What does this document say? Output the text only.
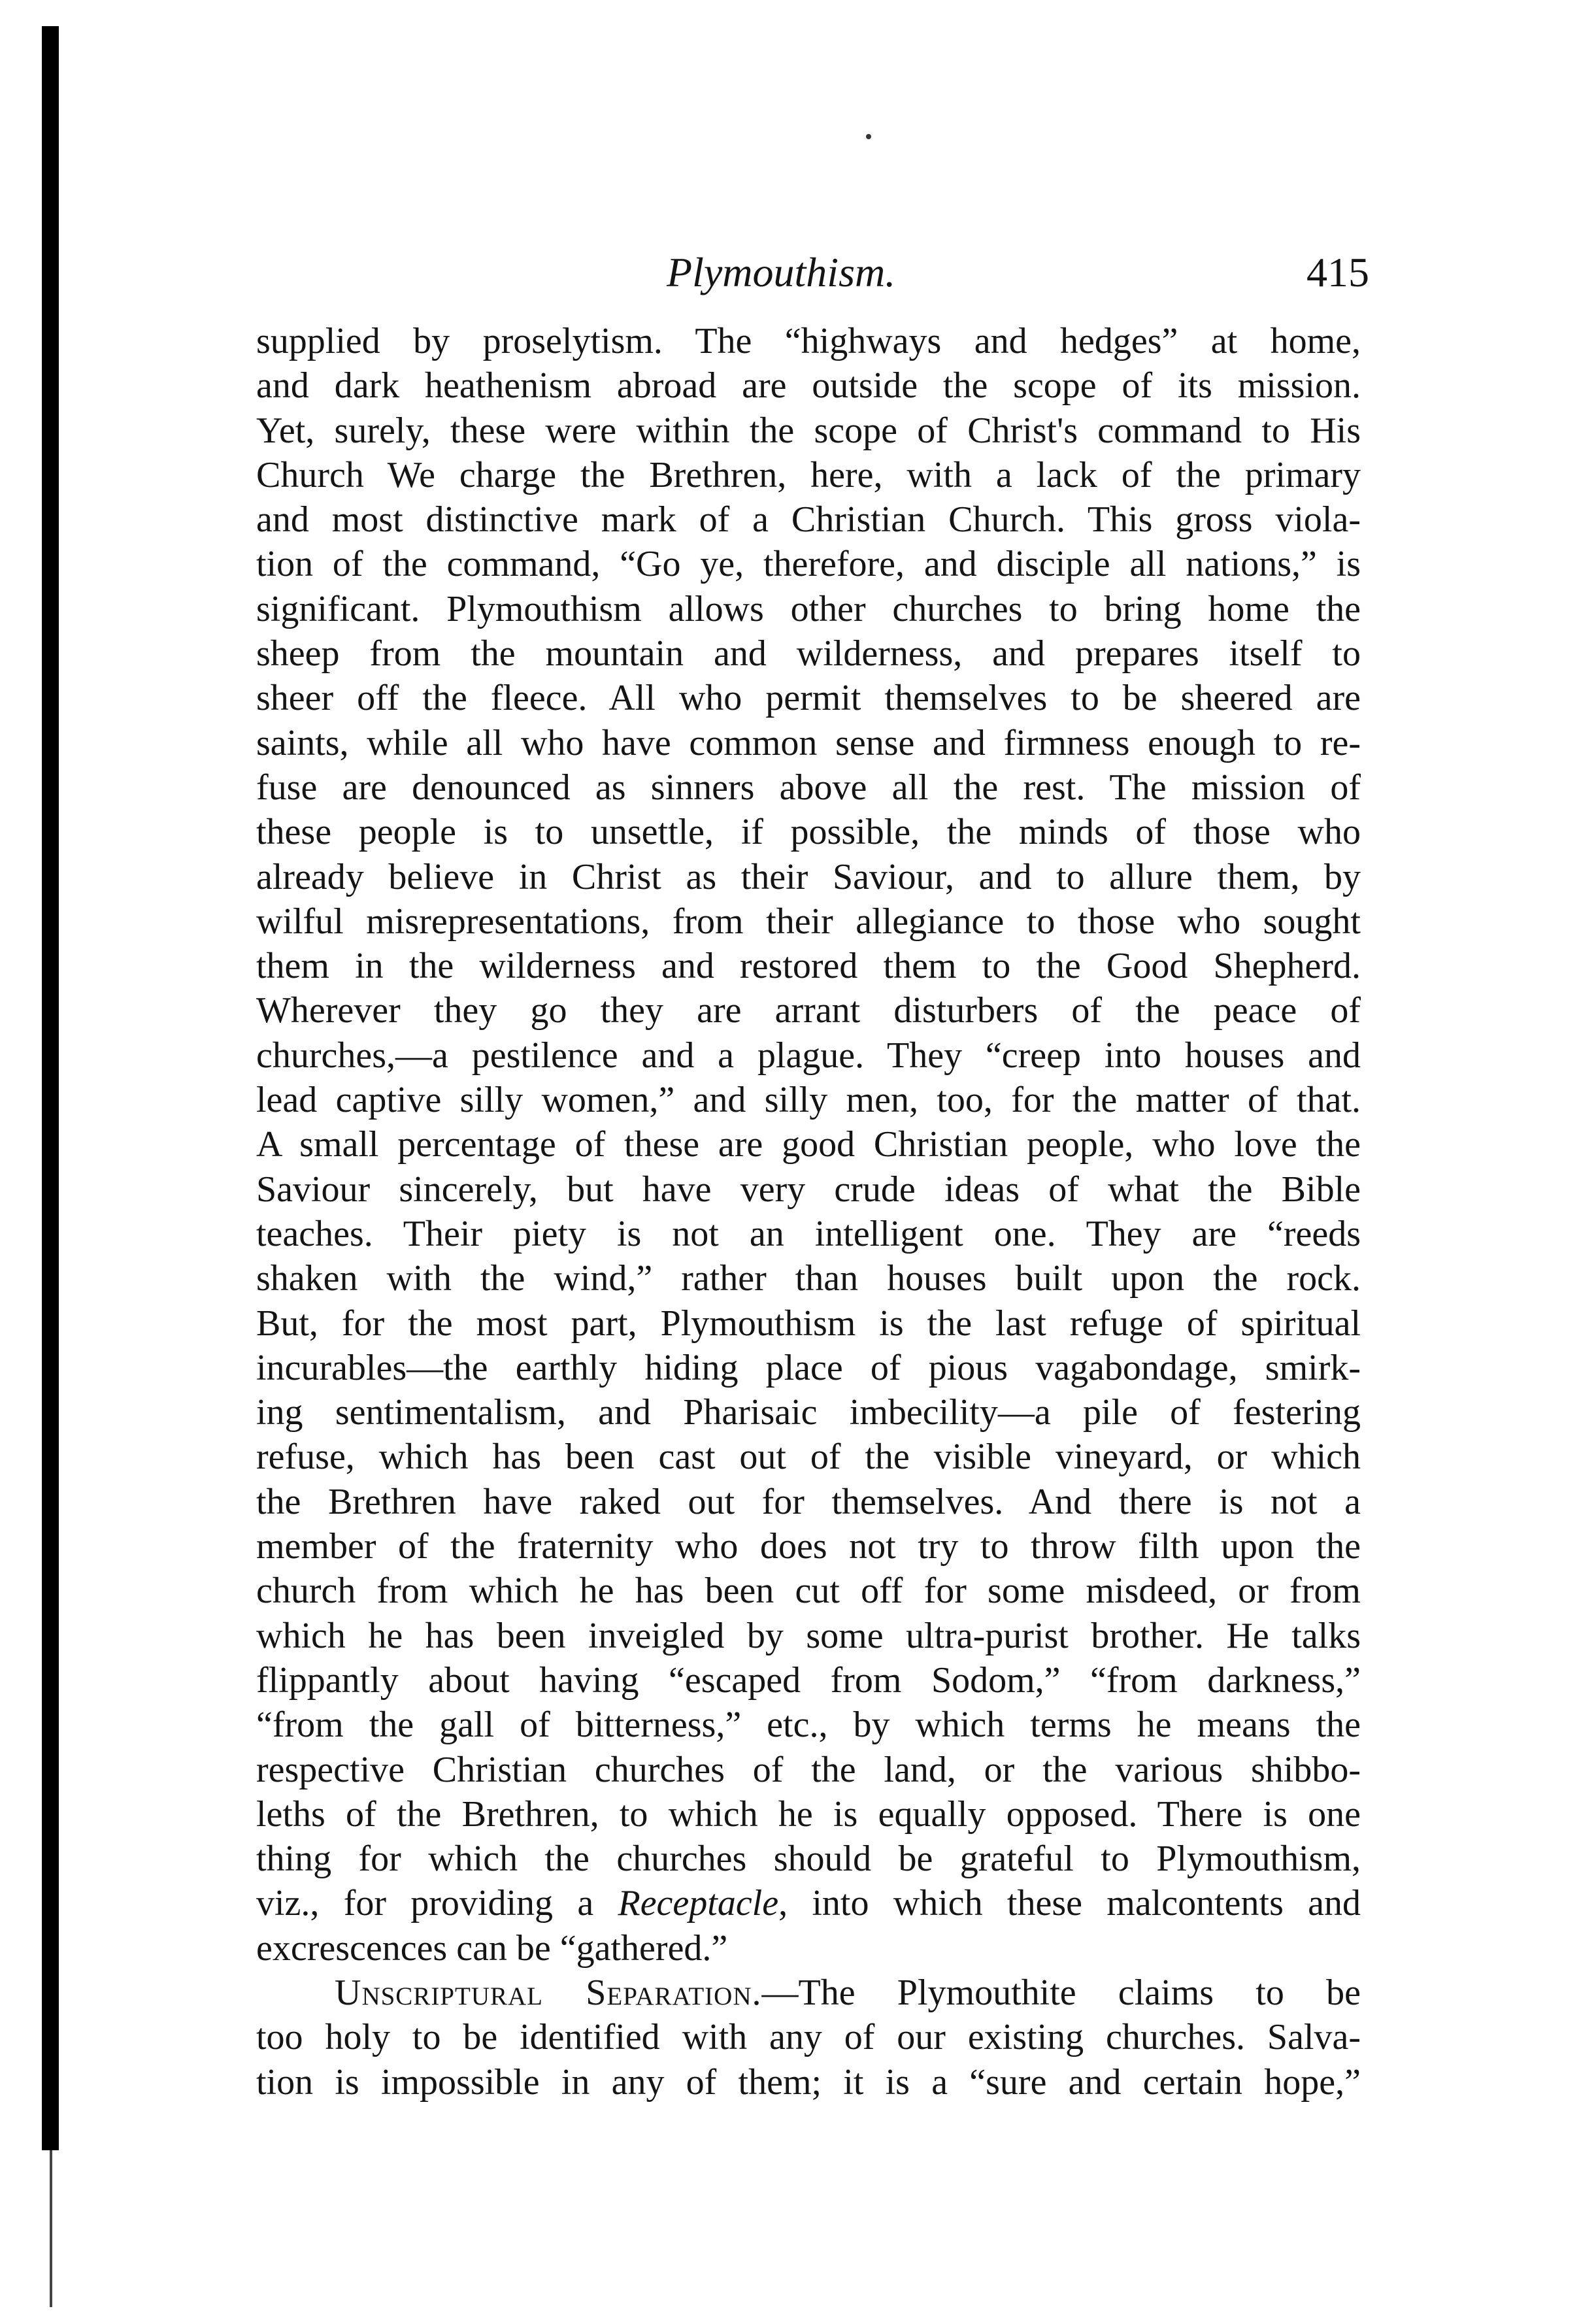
Plymouthism.	415
supplied by proselytism. The “highways and hedges” at home,
and dark heathenism abroad are outside the scope of its mission.
Yet, surely, these were within the scope of Christ's command to His
Church We charge the Brethren, here, with a lack of the primary
and most distinctive mark of a Christian Church. This gross viola-
tion of the command, “Go ye, therefore, and disciple all nations,” is
significant. Plymouthism allows other churches to bring home the
sheep from the mountain and wilderness, and prepares itself to
sheer off the fleece. All who permit themselves to be sheered are
saints, while all who have common sense and firmness enough to re-
fuse are denounced as sinners above all the rest. The mission of
these people is to unsettle, if possible, the minds of those who
already believe in Christ as their Saviour, and to allure them, by
wilful misrepresentations, from their allegiance to those who sought
them in the wilderness and restored them to the Good Shepherd.
Wherever they go they are arrant disturbers of the peace of
churches,—a pestilence and a plague. They “creep into houses and
lead captive silly women,” and silly men, too, for the matter of that.
A small percentage of these are good Christian people, who love the
Saviour sincerely, but have very crude ideas of what the Bible
teaches. Their piety is not an intelligent one. They are “reeds
shaken with the wind,” rather than houses built upon the rock.
But, for the most part, Plymouthism is the last refuge of spiritual
incurables—the earthly hiding place of pious vagabondage, smirk-
ing sentimentalism, and Pharisaic imbecility—a pile of festering
refuse, which has been cast out of the visible vineyard, or which
the Brethren have raked out for themselves. And there is not a
member of the fraternity who does not try to throw filth upon the
church from which he has been cut off for some misdeed, or from
which he has been inveigled by some ultra-purist brother. He talks
flippantly about having “escaped from Sodom,” “from darkness,”
“from the gall of bitterness,” etc., by which terms he means the
respective Christian churches of the land, or the various shibbo-
leths of the Brethren, to which he is equally opposed. There is one
thing for which the churches should be grateful to Plymouthism,
viz., for providing a Receptacle, into which these malcontents and
excrescences can be “gathered.”
Unscriptural Separation.—The Plymouthite claims to be
too holy to be identified with any of our existing churches. Salva-
tion is impossible in any of them; it is a “sure and certain hope,”
